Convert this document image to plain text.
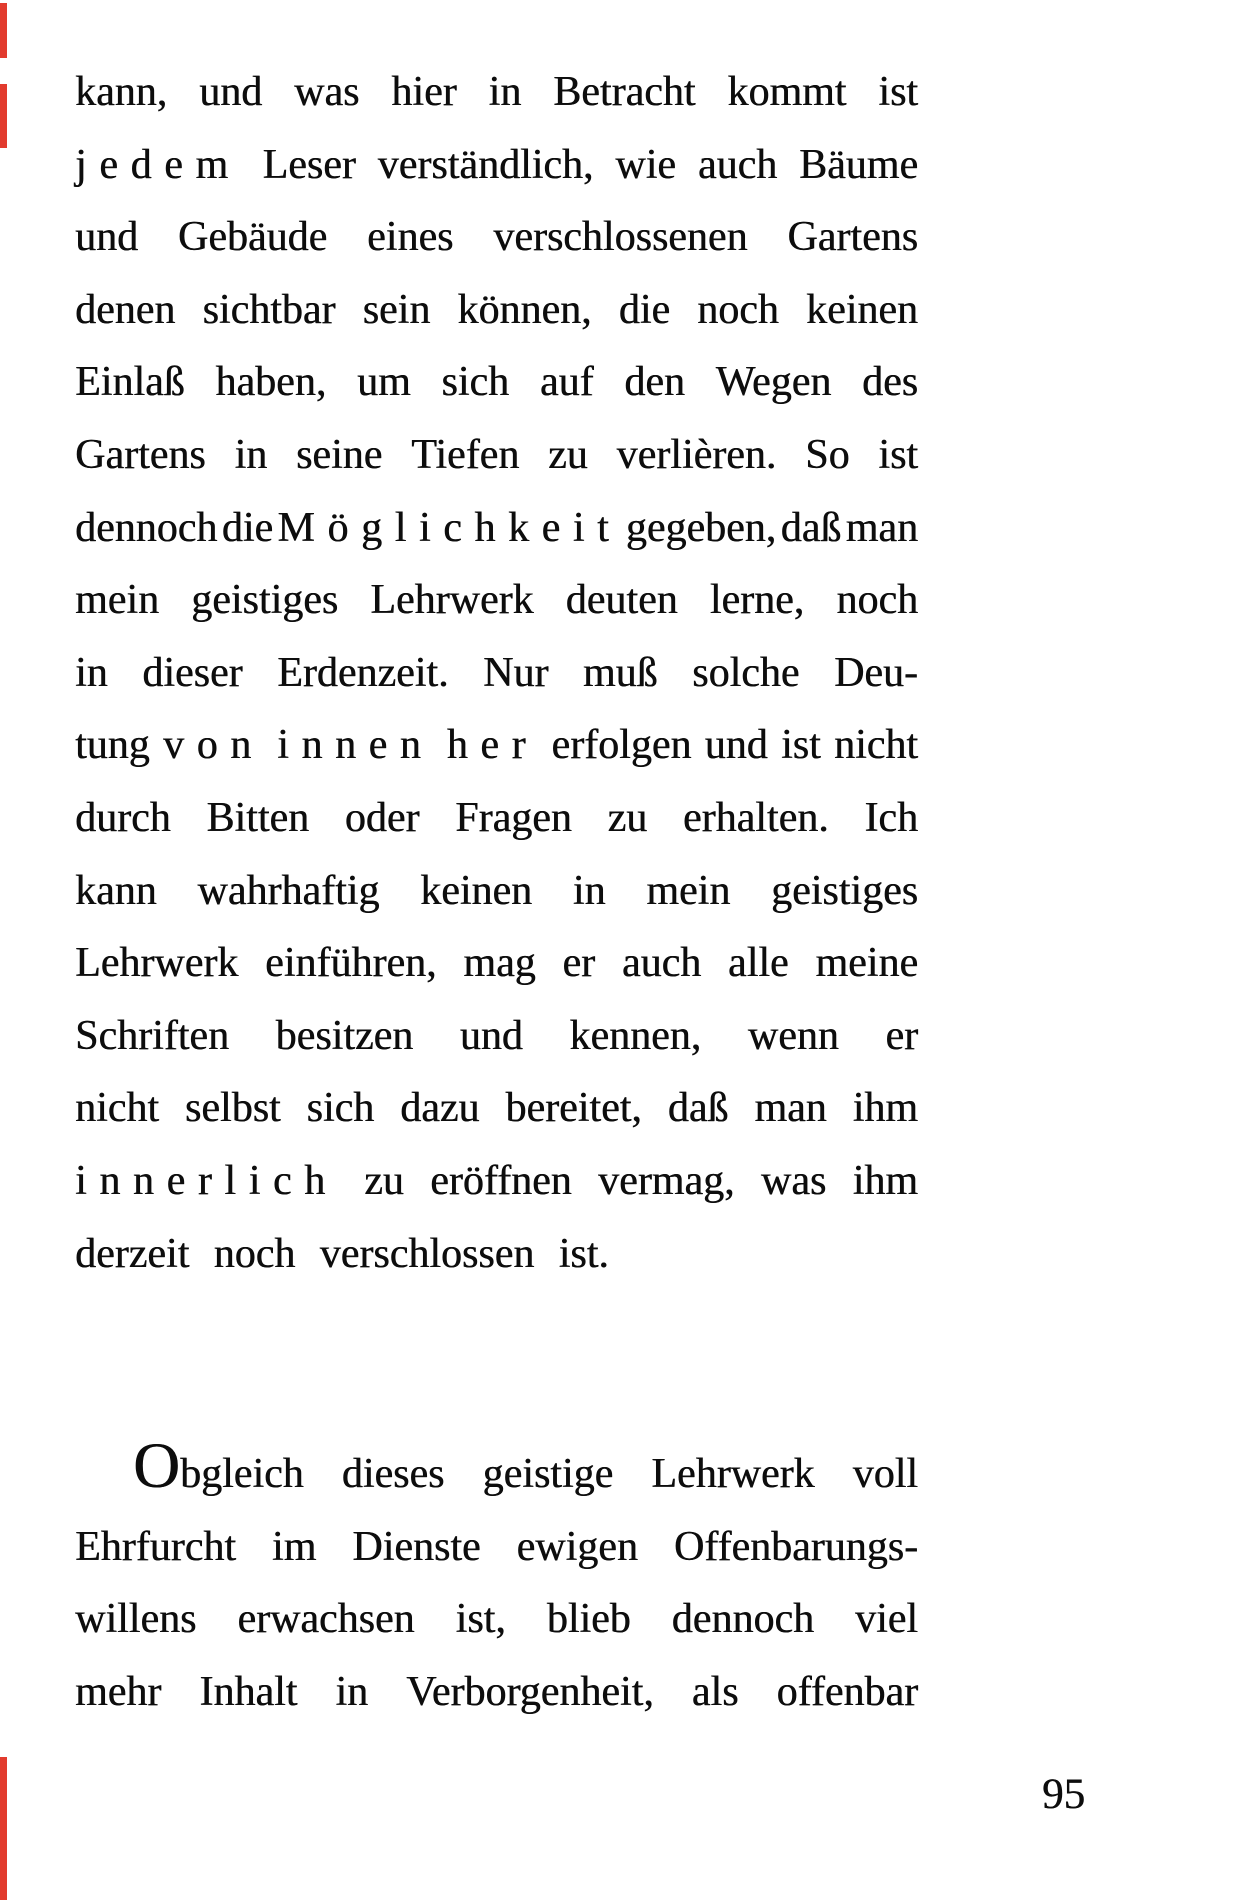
kann, und was hier in Betracht kommt ist
jedem Leser verständlich, wie auch Bäume
und Gebäude eines verschlossenen Gartens
denen sichtbar sein können, die noch keinen
Einlaß haben, um sich auf den Wegen des
Gartens in seine Tiefen zu verlièren. So ist
dennoch die Möglichkeit gegeben, daß man
mein geistiges Lehrwerk deuten lerne, noch
in dieser Erdenzeit. Nur muß solche Deu-
tung von innen her erfolgen und ist nicht
durch Bitten oder Fragen zu erhalten. Ich
kann wahrhaftig keinen in mein geistiges
Lehrwerk einführen, mag er auch alle meine
Schriften besitzen und kennen, wenn er
nicht selbst sich dazu bereitet, daß man ihm
innerlich zu eröffnen vermag, was ihm
derzeit noch verschlossen ist.
Obgleich dieses geistige Lehrwerk voll
Ehrfurcht im Dienste ewigen Offenbarungs-
willens erwachsen ist, blieb dennoch viel
mehr Inhalt in Verborgenheit, als offenbar
95
